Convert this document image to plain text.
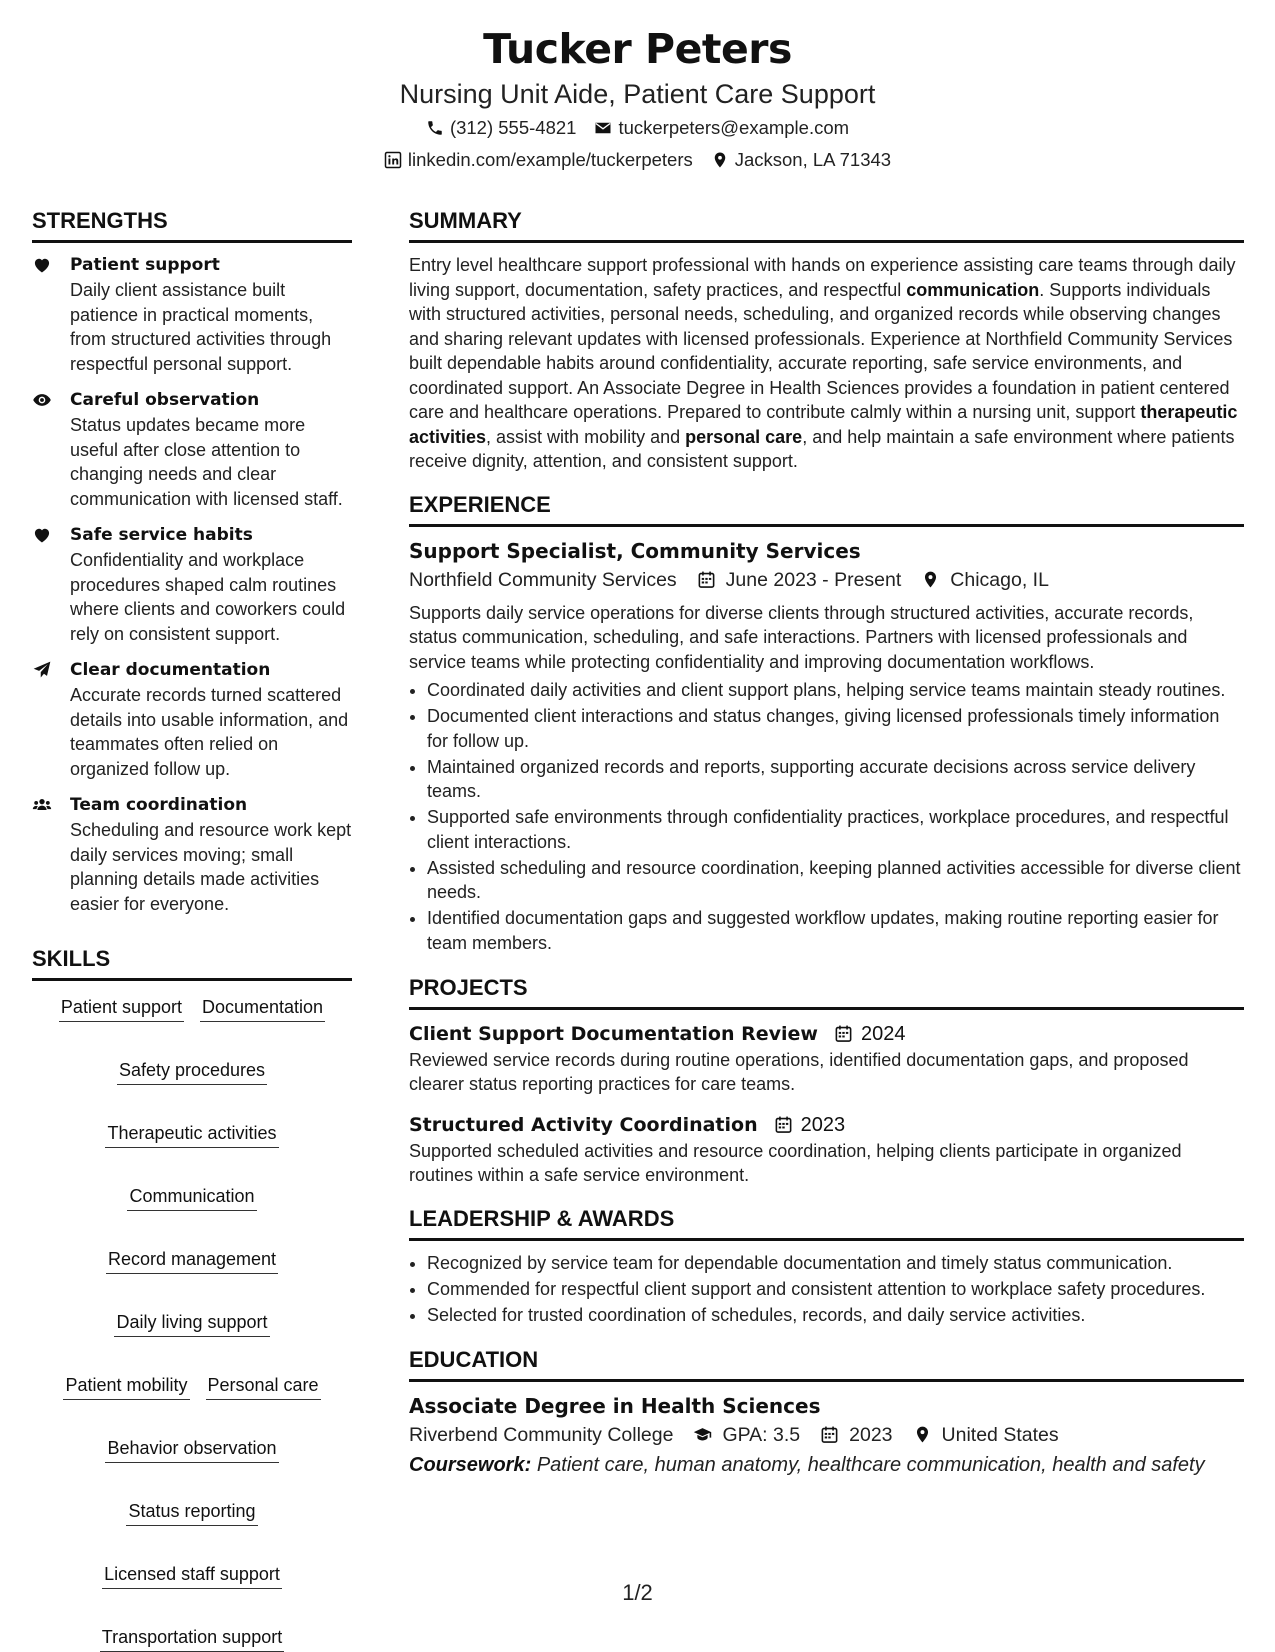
Tucker Peters
Nursing Unit Aide, Patient Care Support
(312) 555-4821 tuckerpeters@example.com
linkedin.com/example/tuckerpeters Jackson, LA 71343
STRENGTHS
Patient support
Daily client assistance built patience in practical moments, from structured activities through respectful personal support.
Careful observation
Status updates became more useful after close attention to changing needs and clear communication with licensed staff.
Safe service habits
Confidentiality and workplace procedures shaped calm routines where clients and coworkers could rely on consistent support.
Clear documentation
Accurate records turned scattered details into usable information, and teammates often relied on organized follow up.
Team coordination
Scheduling and resource work kept daily services moving; small planning details made activities easier for everyone.
SKILLS
Patient support Documentation
Safety procedures
Therapeutic activities
Communication
Record management
Daily living support
Patient mobility Personal care
Behavior observation
Status reporting
Licensed staff support
Transportation support
SUMMARY
Entry level healthcare support professional with hands on experience assisting care teams through daily living support, documentation, safety practices, and respectful communication. Supports individuals with structured activities, personal needs, scheduling, and organized records while observing changes and sharing relevant updates with licensed professionals. Experience at Northfield Community Services built dependable habits around confidentiality, accurate reporting, safe service environments, and coordinated support. An Associate Degree in Health Sciences provides a foundation in patient centered care and healthcare operations. Prepared to contribute calmly within a nursing unit, support therapeutic activities, assist with mobility and personal care, and help maintain a safe environment where patients receive dignity, attention, and consistent support.
EXPERIENCE
Support Specialist, Community Services
Northfield Community Services	June 2023 - Present	Chicago, IL
Supports daily service operations for diverse clients through structured activities, accurate records, status communication, scheduling, and safe interactions. Partners with licensed professionals and service teams while protecting confidentiality and improving documentation workflows.
• Coordinated daily activities and client support plans, helping service teams maintain steady routines.
• Documented client interactions and status changes, giving licensed professionals timely information for follow up.
• Maintained organized records and reports, supporting accurate decisions across service delivery teams.
• Supported safe environments through confidentiality practices, workplace procedures, and respectful client interactions.
• Assisted scheduling and resource coordination, keeping planned activities accessible for diverse client needs.
• Identified documentation gaps and suggested workflow updates, making routine reporting easier for team members.
PROJECTS
Client Support Documentation Review 2024
Reviewed service records during routine operations, identified documentation gaps, and proposed clearer status reporting practices for care teams.
Structured Activity Coordination 2023
Supported scheduled activities and resource coordination, helping clients participate in organized routines within a safe service environment.
LEADERSHIP & AWARDS
• Recognized by service team for dependable documentation and timely status communication.
• Commended for respectful client support and consistent attention to workplace safety procedures.
• Selected for trusted coordination of schedules, records, and daily service activities.
EDUCATION
Associate Degree in Health Sciences
Riverbend Community College	GPA: 3.5	2023	United States
Coursework: Patient care, human anatomy, healthcare communication, health and safety
1/2
